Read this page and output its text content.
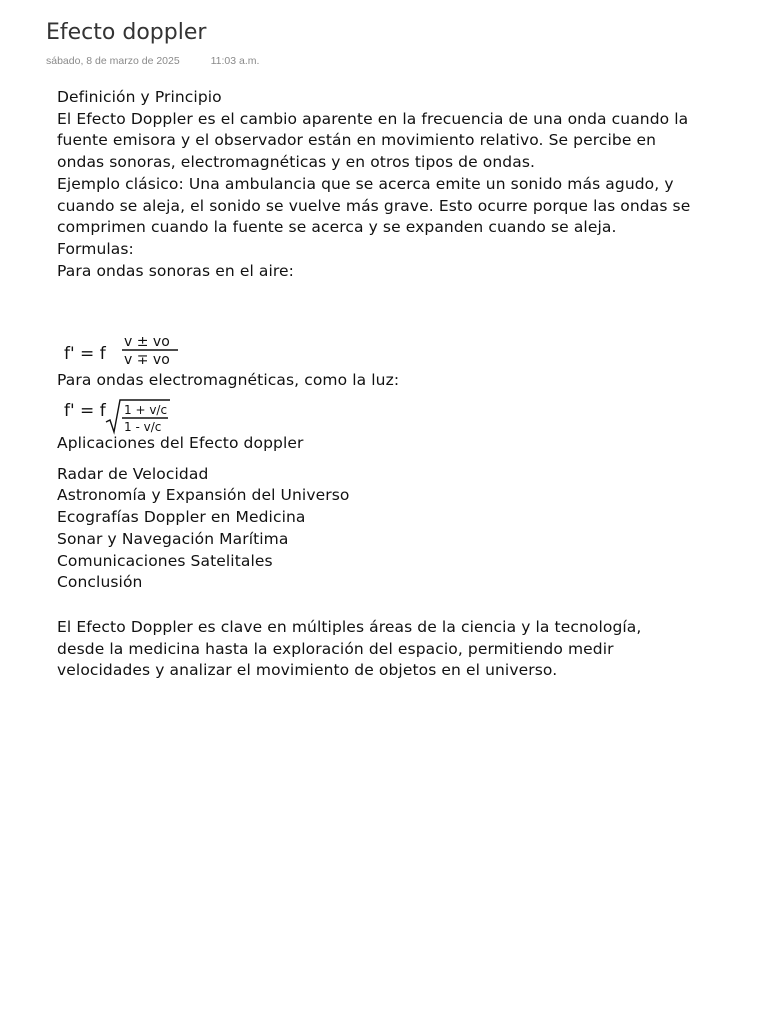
Efecto doppler
sábado, 8 de marzo de 2025	11:03 a.m.

Definición y Principio

El Efecto Doppler es el cambio aparente en la frecuencia de una onda cuando la fuente emisora y el observador están en movimiento relativo. Se percibe en ondas sonoras, electromagnéticas y en otros tipos de ondas.

Ejemplo clásico: Una ambulancia que se acerca emite un sonido más agudo, y cuando se aleja, el sonido se vuelve más grave. Esto ocurre porque las ondas se comprimen cuando la fuente se acerca y se expanden cuando se aleja.

Formulas:

Para ondas sonoras en el aire:

f' = f
v ± vo
v ∓ vo

Para ondas electromagnéticas, como la luz:

f' = f 1 + v/c
1 - v/c

Aplicaciones del Efecto doppler

Radar de Velocidad

Astronomía y Expansión del Universo

Ecografías Doppler en Medicina

Sonar y Navegación Marítima

Comunicaciones Satelitales

Conclusión

El Efecto Doppler es clave en múltiples áreas de la ciencia y la tecnología, desde la medicina hasta la exploración del espacio, permitiendo medir velocidades y analizar el movimiento de objetos en el universo.
